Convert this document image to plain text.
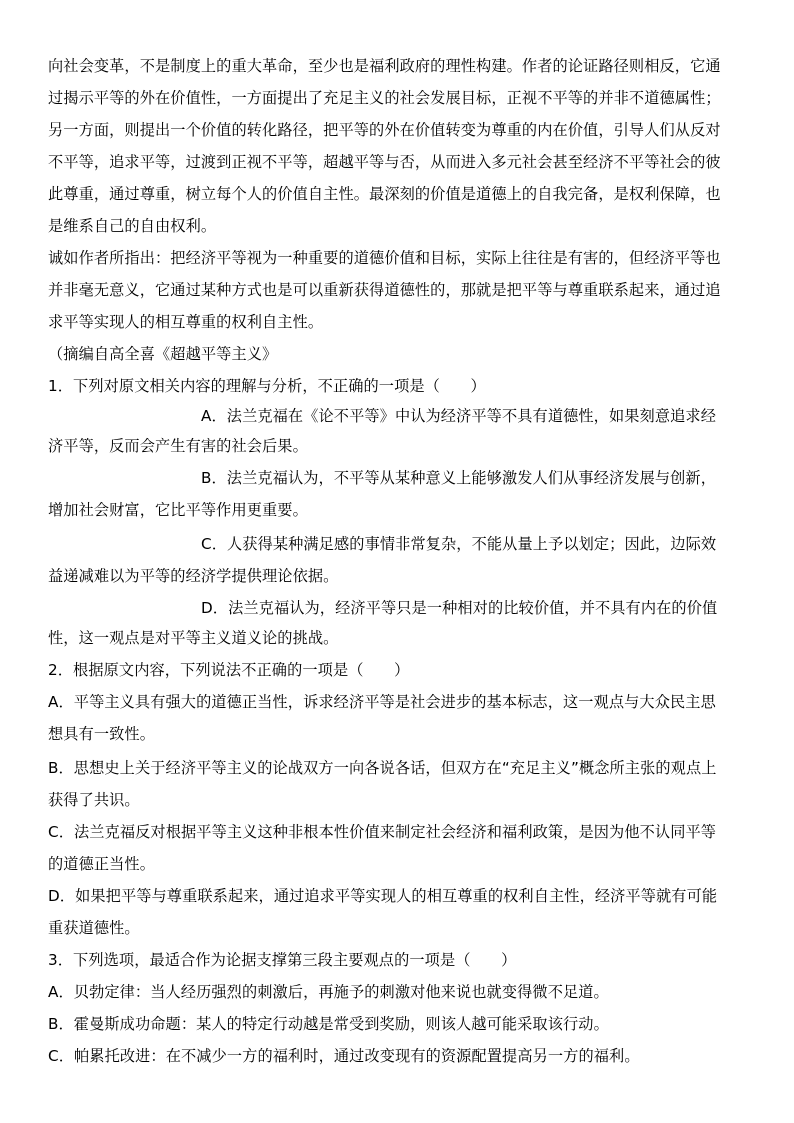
向社会变革，不是制度上的重大革命，至少也是福利政府的理性构建。作者的论证路径则相反，它通
过揭示平等的外在价值性，一方面提出了充足主义的社会发展目标，正视不平等的并非不道德属性；
另一方面，则提出一个价值的转化路径，把平等的外在价值转变为尊重的内在价值，引导人们从反对
不平等，追求平等，过渡到正视不平等，超越平等与否，从而进入多元社会甚至经济不平等社会的彼
此尊重，通过尊重，树立每个人的价值自主性。最深刻的价值是道德上的自我完备，是权利保障，也
是维系自己的自由权利。
诚如作者所指出：把经济平等视为一种重要的道德价值和目标，实际上往往是有害的，但经济平等也
并非毫无意义，它通过某种方式也是可以重新获得道德性的，那就是把平等与尊重联系起来，通过追
求平等实现人的相互尊重的权利自主性。
（摘编自高全喜《超越平等主义》
1．下列对原文相关内容的理解与分析，不正确的一项是（　　）
A．法兰克福在《论不平等》中认为经济平等不具有道德性，如果刻意追求经
济平等，反而会产生有害的社会后果。
B．法兰克福认为，不平等从某种意义上能够激发人们从事经济发展与创新，
增加社会财富，它比平等作用更重要。
C．人获得某种满足感的事情非常复杂，不能从量上予以划定；因此，边际效
益递减难以为平等的经济学提供理论依据。
D．法兰克福认为，经济平等只是一种相对的比较价值，并不具有内在的价值
性，这一观点是对平等主义道义论的挑战。
2．根据原文内容，下列说法不正确的一项是（　　）
A．平等主义具有强大的道德正当性，诉求经济平等是社会进步的基本标志，这一观点与大众民主思
想具有一致性。
B．思想史上关于经济平等主义的论战双方一向各说各话，但双方在“充足主义”概念所主张的观点上
获得了共识。
C．法兰克福反对根据平等主义这种非根本性价值来制定社会经济和福利政策，是因为他不认同平等
的道德正当性。
D．如果把平等与尊重联系起来，通过追求平等实现人的相互尊重的权利自主性，经济平等就有可能
重获道德性。
3．下列选项，最适合作为论据支撑第三段主要观点的一项是（　　）
A．贝勃定律：当人经历强烈的刺激后，再施予的刺激对他来说也就变得微不足道。
B．霍曼斯成功命题：某人的特定行动越是常受到奖励，则该人越可能采取该行动。
C．帕累托改进：在不减少一方的福利时，通过改变现有的资源配置提高另一方的福利。
